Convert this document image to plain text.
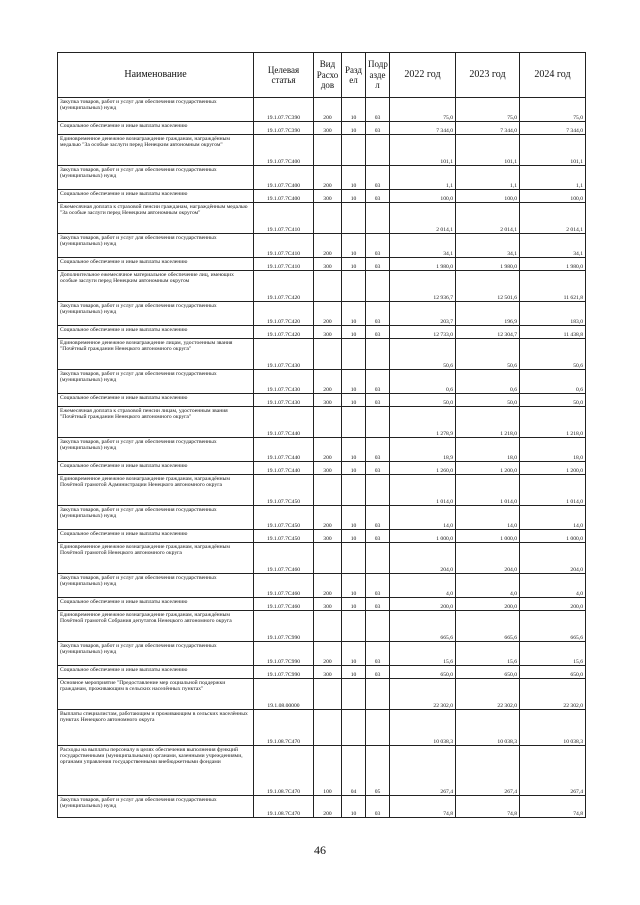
Наименование	Целевая статья	Вид Расхо дов	Разд ел	Подр азде л	2022 год	2023 год	2024 год
Закупка товаров, работ и услуг для обеспечения государственных (муниципальных) нужд	19.1.07.7С390	200	10	03	75,0	75,0	75,0
Социальное обеспечение и иные выплаты населению	19.1.07.7С390	300	10	03	7 344,0	7 344,0	7 344,0
Единовременное денежное вознаграждение гражданам, награждённым медалью "За особые заслуги перед Ненецким автономным округом"	19.1.07.7С400				101,1	101,1	101,1
Закупка товаров, работ и услуг для обеспечения государственных (муниципальных) нужд	19.1.07.7С400	200	10	03	1,1	1,1	1,1
Социальное обеспечение и иные выплаты населению	19.1.07.7С400	300	10	03	100,0	100,0	100,0
Ежемесячная доплата к страховой пенсии гражданам, награждённым медалью "За особые заслуги перед Ненецким автономным округом"	19.1.07.7С410				2 014,1	2 014,1	2 014,1
Закупка товаров, работ и услуг для обеспечения государственных (муниципальных) нужд	19.1.07.7С410	200	10	03	34,1	34,1	34,1
Социальное обеспечение и иные выплаты населению	19.1.07.7С410	300	10	03	1 980,0	1 980,0	1 980,0
Дополнительное ежемесячное материальное обеспечение лиц, имеющих особые заслуги перед Ненецким автономным округом	19.1.07.7С420				12 936,7	12 501,6	11 621,8
Закупка товаров, работ и услуг для обеспечения государственных (муниципальных) нужд	19.1.07.7С420	200	10	03	203,7	196,9	183,0
Социальное обеспечение и иные выплаты населению	19.1.07.7С420	300	10	03	12 733,0	12 304,7	11 438,8
Единовременное денежное вознаграждение лицам, удостоенным звания "Почётный гражданин Ненецкого автономного округа"	19.1.07.7С430				50,6	50,6	50,6
Закупка товаров, работ и услуг для обеспечения государственных (муниципальных) нужд	19.1.07.7С430	200	10	03	0,6	0,6	0,6
Социальное обеспечение и иные выплаты населению	19.1.07.7С430	300	10	03	50,0	50,0	50,0
Ежемесячная доплата к страховой пенсии лицам, удостоенным звания "Почётный гражданин Ненецкого автономного округа"	19.1.07.7С440				1 278,9	1 218,0	1 218,0
Закупка товаров, работ и услуг для обеспечения государственных (муниципальных) нужд	19.1.07.7С440	200	10	03	18,9	18,0	18,0
Социальное обеспечение и иные выплаты населению	19.1.07.7С440	300	10	03	1 260,0	1 200,0	1 200,0
Единовременное денежное вознаграждение гражданам, награждённым Почётной грамотой Администрации Ненецкого автономного округа	19.1.07.7С450				1 014,0	1 014,0	1 014,0
Закупка товаров, работ и услуг для обеспечения государственных (муниципальных) нужд	19.1.07.7С450	200	10	03	14,0	14,0	14,0
Социальное обеспечение и иные выплаты населению	19.1.07.7С450	300	10	03	1 000,0	1 000,0	1 000,0
Единовременное денежное вознаграждение гражданам, награждённым Почётной грамотой Ненецкого автономного округа	19.1.07.7С460				204,0	204,0	204,0
Закупка товаров, работ и услуг для обеспечения государственных (муниципальных) нужд	19.1.07.7С460	200	10	03	4,0	4,0	4,0
Социальное обеспечение и иные выплаты населению	19.1.07.7С460	300	10	03	200,0	200,0	200,0
Единовременное денежное вознаграждение гражданам, награждённым Почётной грамотой Собрания депутатов Ненецкого автономного округа	19.1.07.7С990				665,6	665,6	665,6
Закупка товаров, работ и услуг для обеспечения государственных (муниципальных) нужд	19.1.07.7С990	200	10	03	15,6	15,6	15,6
Социальное обеспечение и иные выплаты населению	19.1.07.7С990	300	10	03	650,0	650,0	650,0
Основное мероприятие "Предоставление мер социальной поддержки гражданам, проживающим в сельских населённых пунктах"	19.1.08.00000				22 302,0	22 302,0	22 302,0
Выплаты специалистам, работающим и проживающим в сельских населённых пунктах Ненецкого автономного округа	19.1.08.7С470				10 038,3	10 038,3	10 038,3
Расходы на выплаты персоналу в целях обеспечения выполнения функций государственными (муниципальными) органами, казенными учреждениями, органами управления государственными внебюджетными фондами	19.1.08.7С470	100	04	05	267,4	267,4	267,4
Закупка товаров, работ и услуг для обеспечения государственных (муниципальных) нужд	19.1.08.7С470	200	10	03	74,8	74,8	74,8
46
